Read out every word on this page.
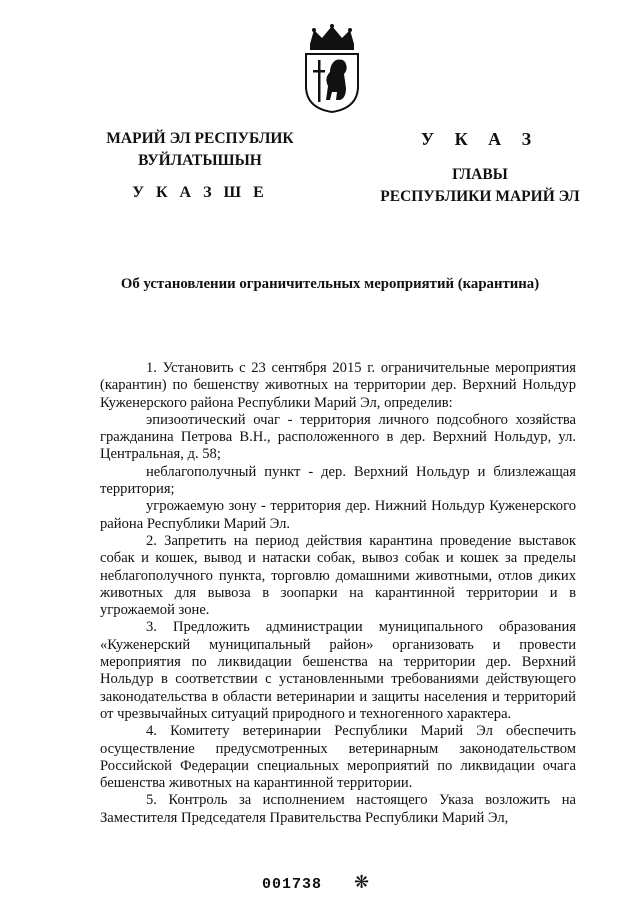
МАРИЙ ЭЛ РЕСПУБЛИК
ВУЙЛАТЫШЫН
У К А З Ш Е
У К А З
ГЛАВЫ
РЕСПУБЛИКИ МАРИЙ ЭЛ
Об установлении ограничительных мероприятий (карантина)

1. Установить с 23 сентября 2015 г. ограничительные мероприятия (карантин) по бешенству животных на территории дер. Верхний Нольдур Куженерского района Республики Марий Эл, определив:

эпизоотический очаг - территория личного подсобного хозяйства гражданина Петрова В.Н., расположенного в дер. Верхний Нольдур, ул. Центральная, д. 58;

неблагополучный пункт - дер. Верхний Нольдур и близлежащая территория;

угрожаемую зону - территория дер. Нижний Нольдур Куженерского района Республики Марий Эл.

2. Запретить на период действия карантина проведение выставок собак и кошек, вывод и натаски собак, вывоз собак и кошек за пределы неблагополучного пункта, торговлю домашними животными, отлов диких животных для вывоза в зоопарки на карантинной территории и в угрожаемой зоне.

3. Предложить администрации муниципального образования «Куженерский муниципальный район» организовать и провести мероприятия по ликвидации бешенства на территории дер. Верхний Нольдур в соответствии с установленными требованиями действующего законодательства в области ветеринарии и защиты населения и территорий от чрезвычайных ситуаций природного и техногенного характера.

4. Комитету ветеринарии Республики Марий Эл обеспечить осуществление предусмотренных ветеринарным законодательством Российской Федерации специальных мероприятий по ликвидации очага бешенства животных на карантинной территории.

5. Контроль за исполнением настоящего Указа возложить на Заместителя Председателя Правительства Республики Марий Эл,

001738 ❋
